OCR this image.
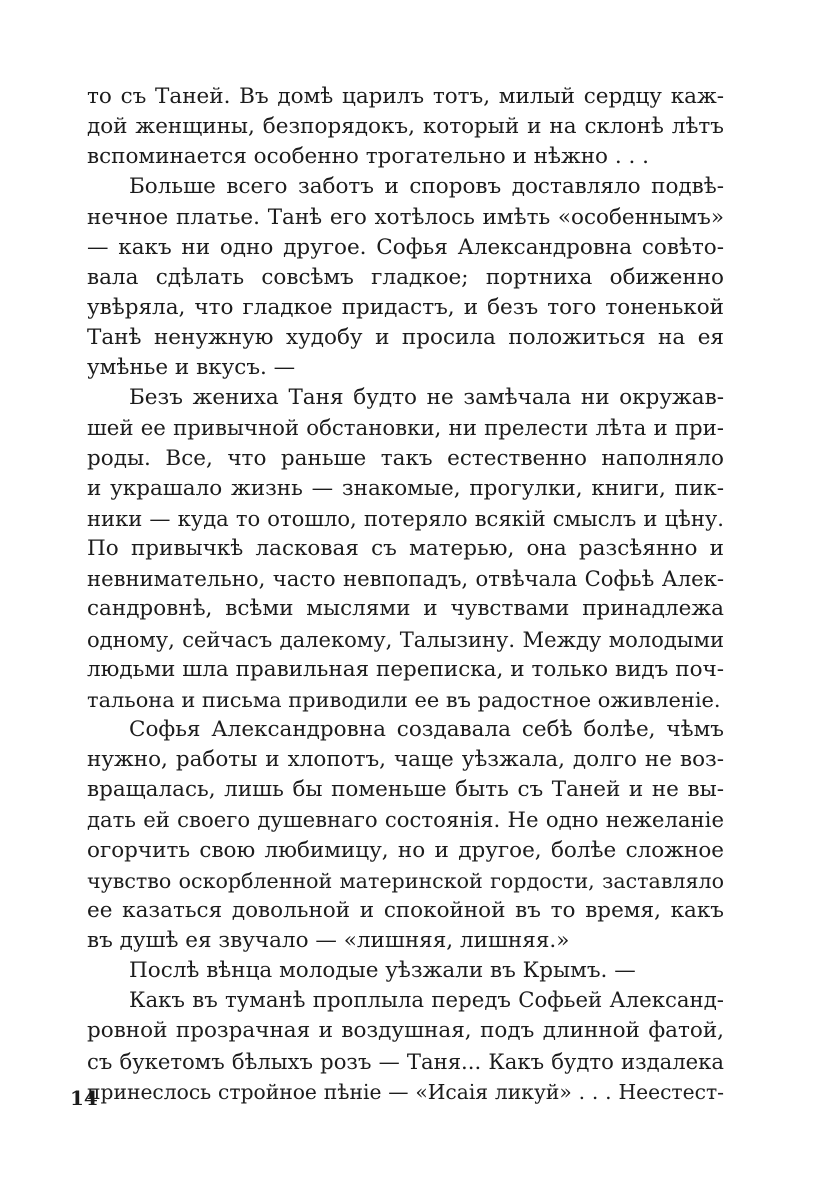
то съ Таней. Въ домѣ царилъ тотъ, милый сердцу каж-
дой женщины, безпорядокъ, который и на склонѣ лѣтъ
вспоминается особенно трогательно и нѣжно . . .
Больше всего заботъ и споровъ доставляло подвѣ-
нечное платье. Танѣ его хотѣлось имѣть «особеннымъ»
— какъ ни одно другое. Софья Александровна совѣто-
вала сдѣлать совсѣмъ гладкое; портниха обиженно
увѣряла, что гладкое придастъ, и безъ того тоненькой
Танѣ ненужную худобу и просила положиться на ея
умѣнье и вкусъ. —
Безъ жениха Таня будто не замѣчала ни окружав-
шей ее привычной обстановки, ни прелести лѣта и при-
роды. Все, что раньше такъ естественно наполняло
и украшало жизнь — знакомые, прогулки, книги, пик-
ники — куда то отошло, потеряло всякій смыслъ и цѣну.
По привычкѣ ласковая съ матерью, она разсѣянно и
невнимательно, часто невпопадъ, отвѣчала Софьѣ Алек-
сандровнѣ, всѣми мыслями и чувствами принадлежа
одному, сейчасъ далекому, Талызину. Между молодыми
людьми шла правильная переписка, и только видъ поч-
тальона и письма приводили ее въ радостное оживленіе.
Софья Александровна создавала себѣ болѣе, чѣмъ
нужно, работы и хлопотъ, чаще уѣзжала, долго не воз-
вращалась, лишь бы поменьше быть съ Таней и не вы-
дать ей своего душевнаго состоянія. Не одно нежеланіе
огорчить свою любимицу, но и другое, болѣе сложное
чувство оскорбленной материнской гордости, заставляло
ее казаться довольной и спокойной въ то время, какъ
въ душѣ ея звучало — «лишняя, лишняя.»
Послѣ вѣнца молодые уѣзжали въ Крымъ. —
Какъ въ туманѣ проплыла передъ Софьей Александ-
ровной прозрачная и воздушная, подъ длинной фатой,
съ букетомъ бѣлыхъ розъ — Таня... Какъ будто издалека
принеслось стройное пѣніе — «Исаія ликуй» . . . Неестест-
14
